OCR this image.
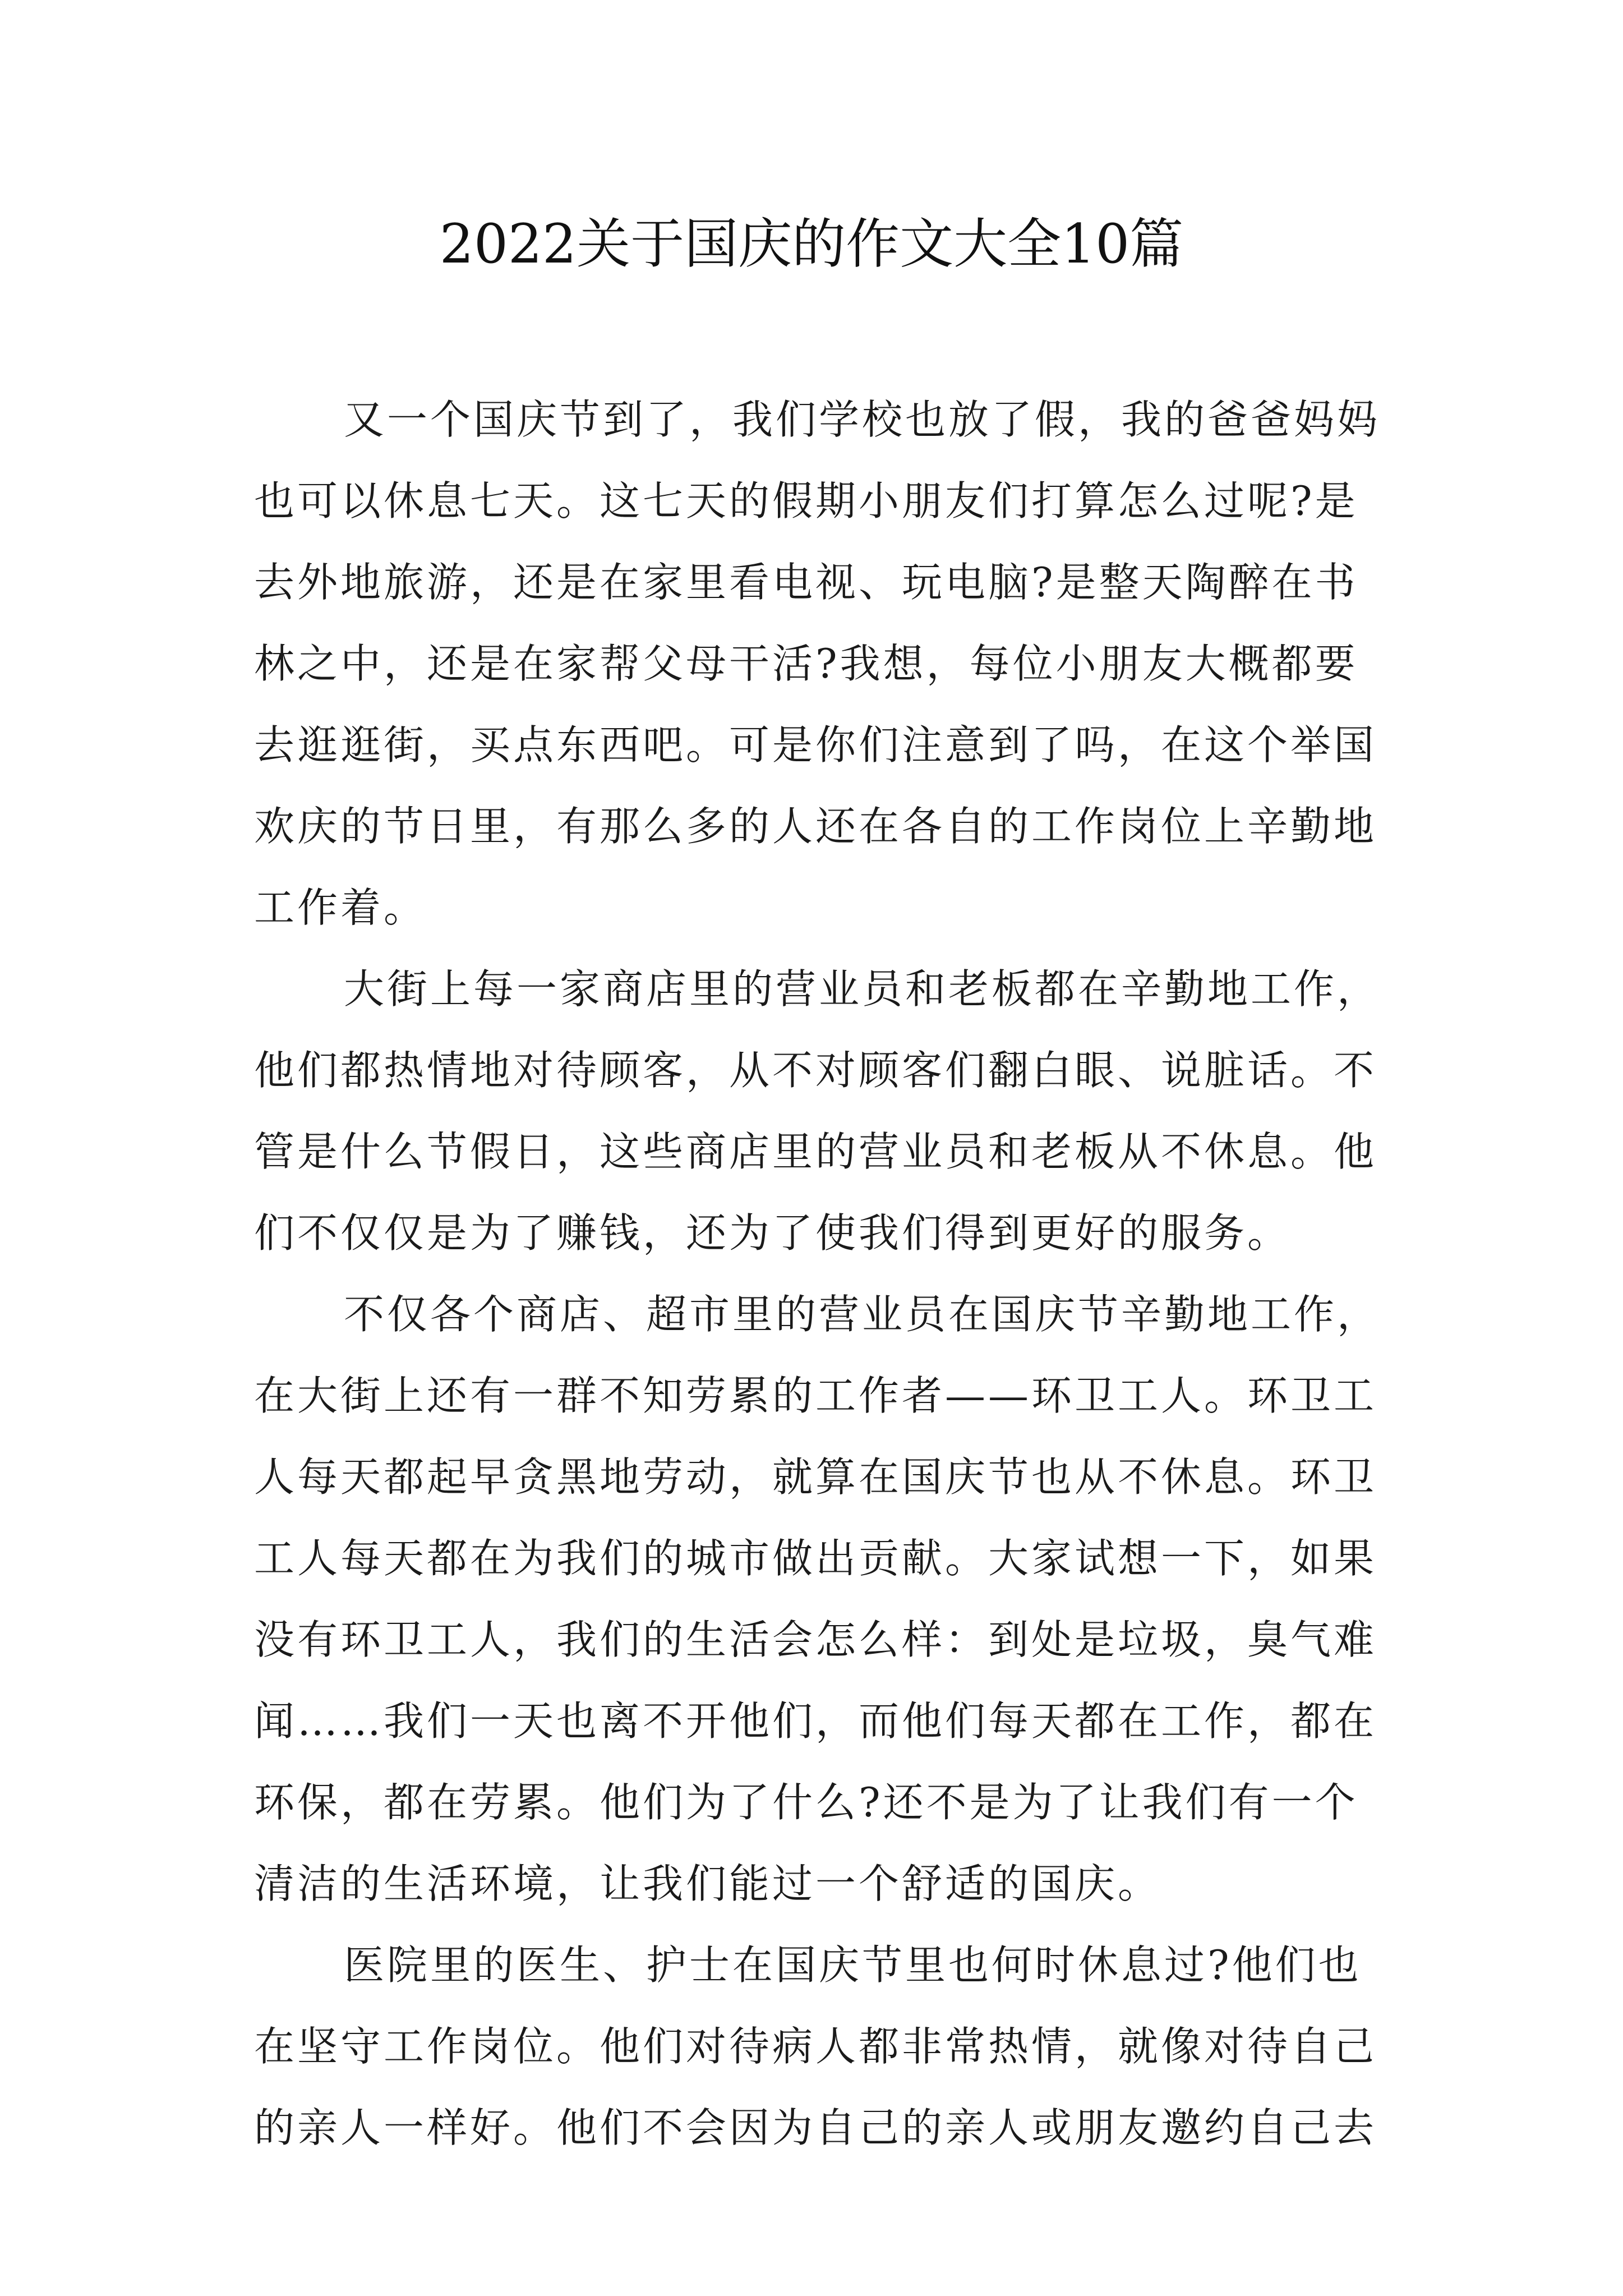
2022关于国庆的作文大全10篇
又一个国庆节到了，我们学校也放了假，我的爸爸妈妈
也可以休息七天。这七天的假期小朋友们打算怎么过呢?是
去外地旅游，还是在家里看电视、玩电脑?是整天陶醉在书
林之中，还是在家帮父母干活?我想，每位小朋友大概都要
去逛逛街，买点东西吧。可是你们注意到了吗，在这个举国
欢庆的节日里，有那么多的人还在各自的工作岗位上辛勤地
工作着。
大街上每一家商店里的营业员和老板都在辛勤地工作，
他们都热情地对待顾客，从不对顾客们翻白眼、说脏话。不
管是什么节假日，这些商店里的营业员和老板从不休息。他
们不仅仅是为了赚钱，还为了使我们得到更好的服务。
不仅各个商店、超市里的营业员在国庆节辛勤地工作，
在大街上还有一群不知劳累的工作者——环卫工人。环卫工
人每天都起早贪黑地劳动，就算在国庆节也从不休息。环卫
工人每天都在为我们的城市做出贡献。大家试想一下，如果
没有环卫工人，我们的生活会怎么样：到处是垃圾，臭气难
闻……我们一天也离不开他们，而他们每天都在工作，都在
环保，都在劳累。他们为了什么?还不是为了让我们有一个
清洁的生活环境，让我们能过一个舒适的国庆。
医院里的医生、护士在国庆节里也何时休息过?他们也
在坚守工作岗位。他们对待病人都非常热情，就像对待自己
的亲人一样好。他们不会因为自己的亲人或朋友邀约自己去
